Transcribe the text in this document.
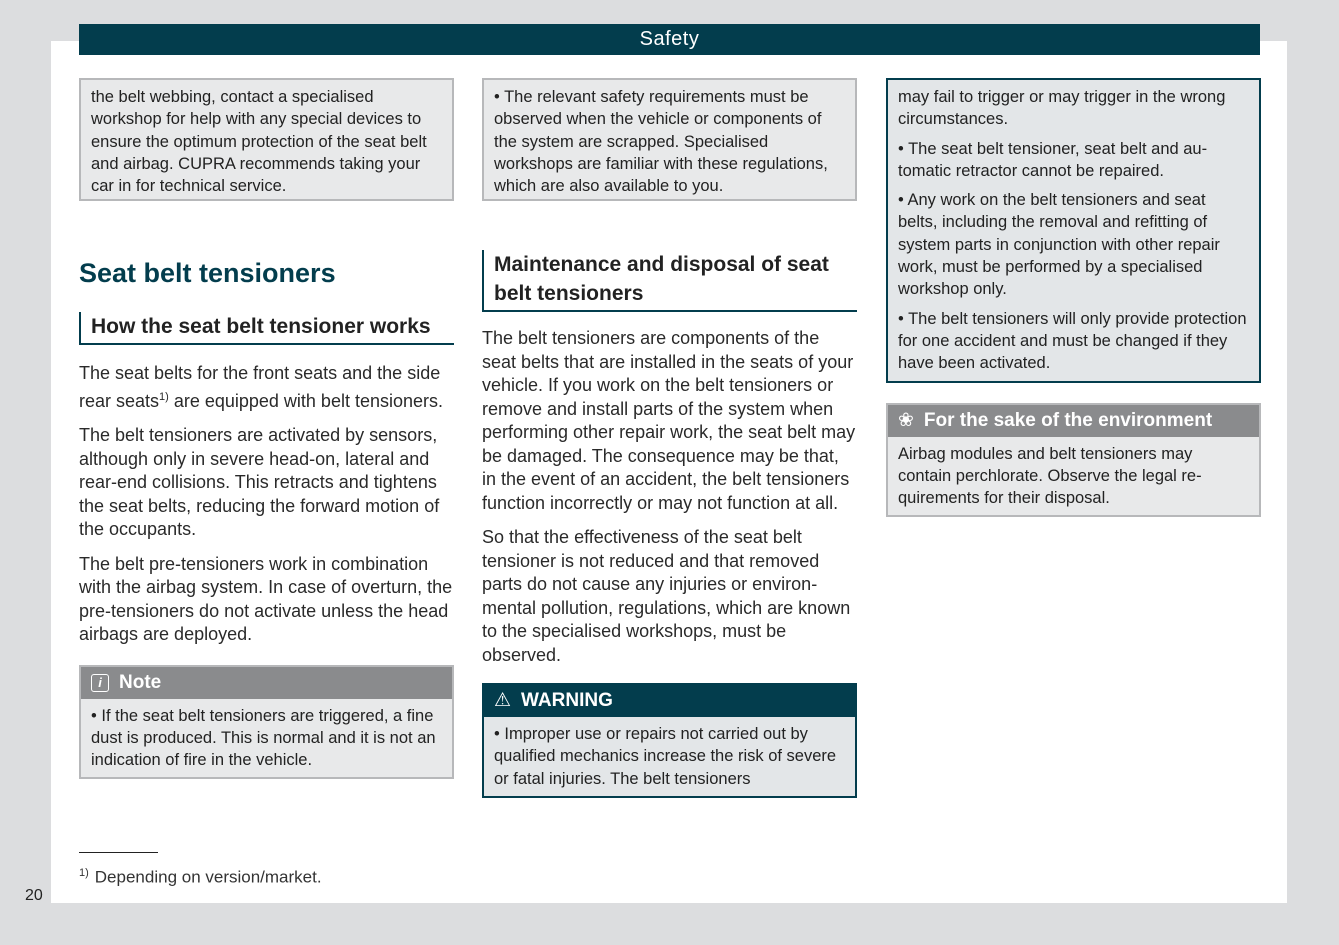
Safety
the belt webbing, contact a specialised workshop for help with any special devices to ensure the optimum protection of the seat belt and airbag. CUPRA recommends taking your car in for technical service.
Seat belt tensioners
How the seat belt tensioner works
The seat belts for the front seats and the side rear seats$^{1)}$ are equipped with belt tensioners.
The belt tensioners are activated by sensors, although only in severe head-on, lateral and rear-end collisions. This retracts and tightens the seat belts, reducing the forward motion of the occupants.
The belt pre-tensioners work in combination with the airbag system. In case of overturn, the pre-tensioners do not activate unless the head airbags are deployed.
i Note
• If the seat belt tensioners are triggered, a fine dust is produced. This is normal and it is not an indication of fire in the vehicle.
• The relevant safety requirements must be observed when the vehicle or components of the system are scrapped. Specialised workshops are familiar with these regulations, which are also available to you.
Maintenance and disposal of seat belt tensioners
The belt tensioners are components of the seat belts that are installed in the seats of your vehicle. If you work on the belt tensioners or remove and install parts of the system when performing other repair work, the seat belt may be damaged. The consequence may be that, in the event of an accident, the belt tensioners function incorrectly or may not function at all.
So that the effectiveness of the seat belt tensioner is not reduced and that removed parts do not cause any injuries or environmental pollution, regulations, which are known to the specialised workshops, must be observed.
⚠ WARNING
• Improper use or repairs not carried out by qualified mechanics increase the risk of severe or fatal injuries. The belt tensioners
may fail to trigger or may trigger in the wrong circumstances.
• The seat belt tensioner, seat belt and automatic retractor cannot be repaired.
• Any work on the belt tensioners and seat belts, including the removal and refitting of system parts in conjunction with other repair work, must be performed by a specialised workshop only.
• The belt tensioners will only provide protection for one accident and must be changed if they have been activated.
❀ For the sake of the environment
Airbag modules and belt tensioners may contain perchlorate. Observe the legal requirements for their disposal.
$^{1)}$ Depending on version/market.
20
